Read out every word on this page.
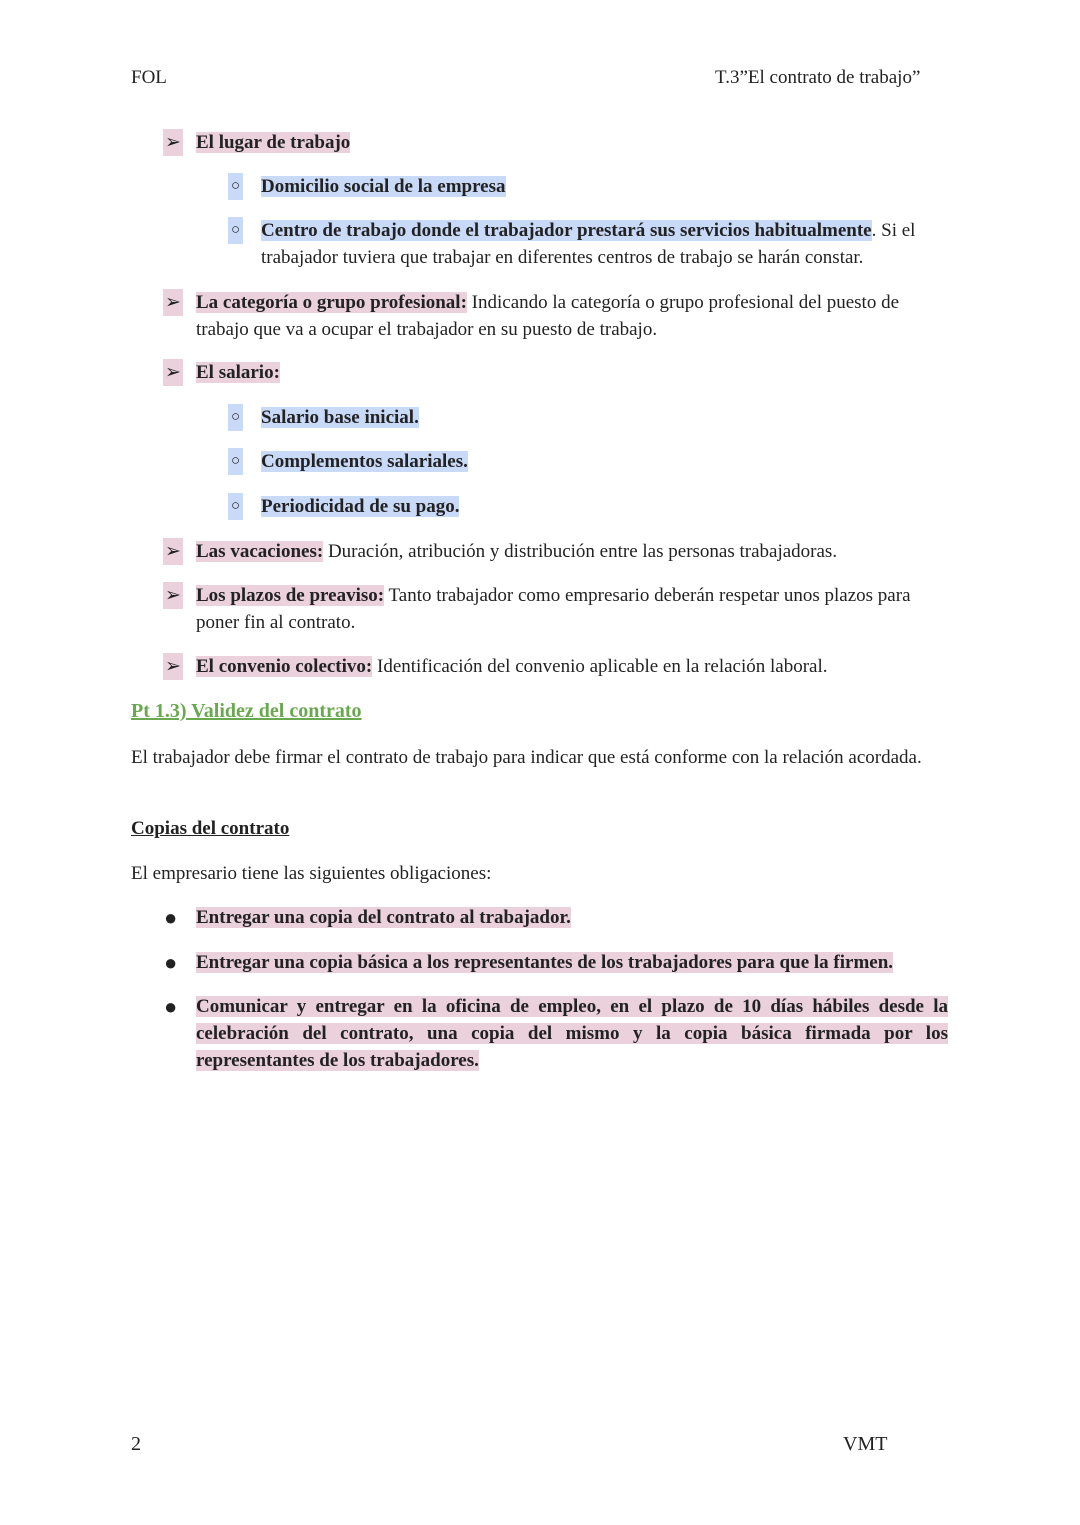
FOL	T.3”El contrato de trabajo”
➢ El lugar de trabajo
○ Domicilio social de la empresa
○ Centro de trabajo donde el trabajador prestará sus servicios habitualmente. Si el
trabajador tuviera que trabajar en diferentes centros de trabajo se harán constar.
➢ La categoría o grupo profesional: Indicando la categoría o grupo profesional del puesto de
trabajo que va a ocupar el trabajador en su puesto de trabajo.
➢ El salario:
○ Salario base inicial.
○ Complementos salariales.
○ Periodicidad de su pago.
➢ Las vacaciones: Duración, atribución y distribución entre las personas trabajadoras.
➢ Los plazos de preaviso: Tanto trabajador como empresario deberán respetar unos plazos para
poner fin al contrato.
➢ El convenio colectivo: Identificación del convenio aplicable en la relación laboral.
Pt 1.3) Validez del contrato
El trabajador debe firmar el contrato de trabajo para indicar que está conforme con la relación acordada.
Copias del contrato
El empresario tiene las siguientes obligaciones:
● Entregar una copia del contrato al trabajador.
● Entregar una copia básica a los representantes de los trabajadores para que la firmen.
● Comunicar y entregar en la oficina de empleo, en el plazo de 10 días hábiles desde la celebración del contrato, una copia del mismo y la copia básica firmada por los representantes de los trabajadores.
2	VMT
